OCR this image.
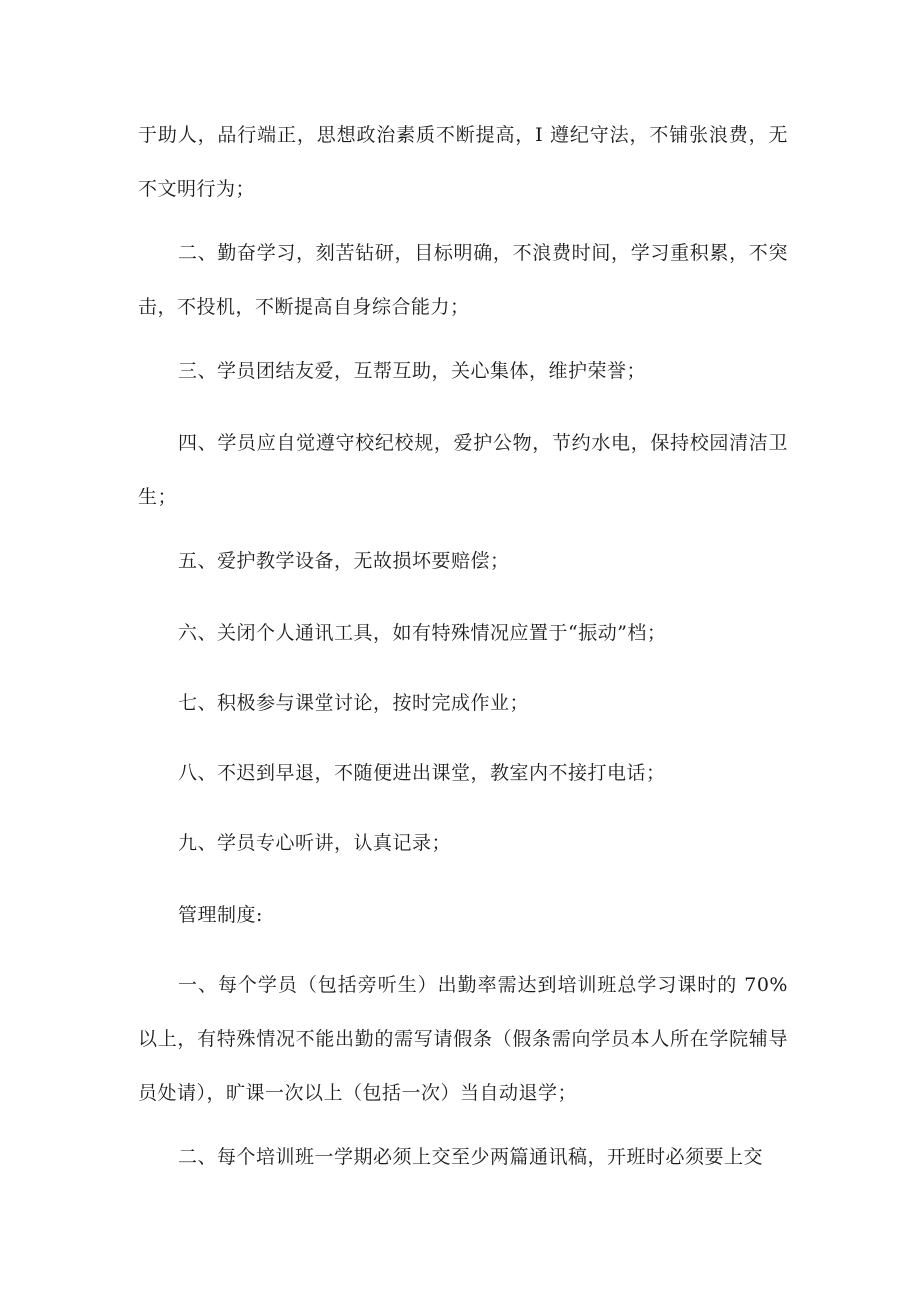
于助人，品行端正，思想政治素质不断提高，I 遵纪守法，不铺张浪费，无不文明行为；

二、勤奋学习，刻苦钻研，目标明确，不浪费时间，学习重积累，不突击，不投机，不断提高自身综合能力；

三、学员团结友爱，互帮互助，关心集体，维护荣誉；

四、学员应自觉遵守校纪校规，爱护公物，节约水电，保持校园清洁卫生；

五、爱护教学设备，无故损坏要赔偿；

六、关闭个人通讯工具，如有特殊情况应置于“振动”档；

七、积极参与课堂讨论，按时完成作业；

八、不迟到早退，不随便进出课堂，教室内不接打电话；

九、学员专心听讲，认真记录；

管理制度:

一、每个学员（包括旁听生）出勤率需达到培训班总学习课时的 70%以上，有特殊情况不能出勤的需写请假条（假条需向学员本人所在学院辅导员处请），旷课一次以上（包括一次）当自动退学；

二、每个培训班一学期必须上交至少两篇通讯稿，开班时必须要上交
